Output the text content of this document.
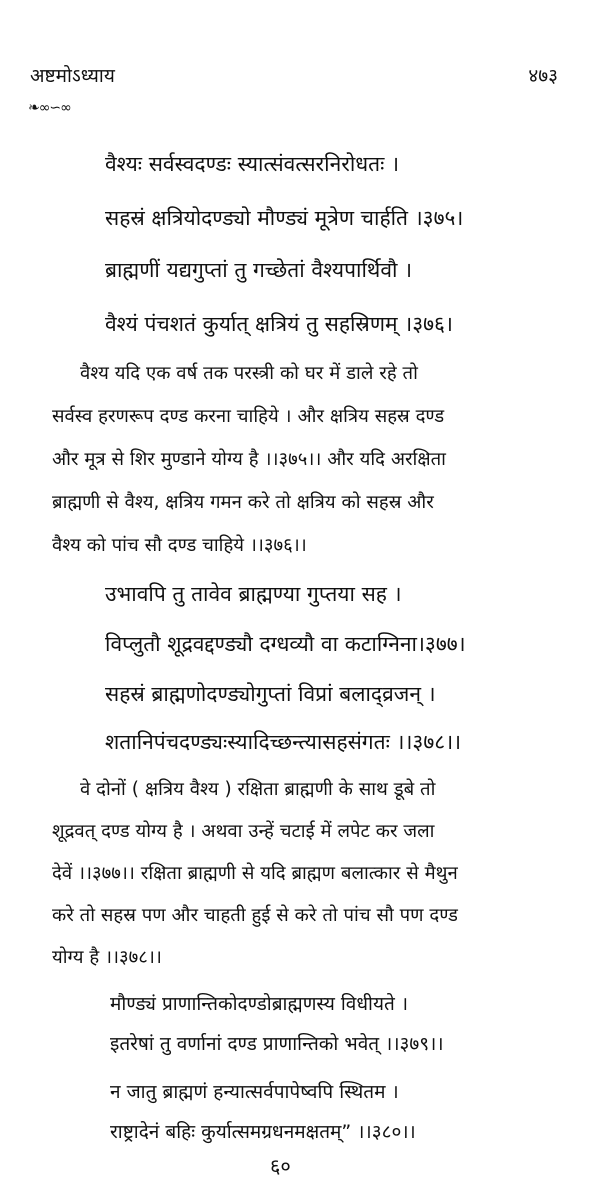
अष्टमोऽध्याय	४७३
❧∞∽∞
वैश्यः सर्वस्वदण्डः स्यात्संवत्सरनिरोधतः ।
सहस्रं क्षत्रियोदण्ड्यो मौण्ड्यं मूत्रेण चार्हति ।३७५।
ब्राह्मणीं यद्यगुप्तां तु गच्छेतां वैश्यपार्थिवौ ।
वैश्यं पंचशतं कुर्यात् क्षत्रियं तु सहस्रिणम् ।३७६।
वैश्य यदि एक वर्ष तक परस्त्री को घर में डाले रहे तो
सर्वस्व हरणरूप दण्ड करना चाहिये । और क्षत्रिय सहस्र दण्ड
और मूत्र से शिर मुण्डाने योग्य है ।।३७५।। और यदि अरक्षिता
ब्राह्मणी से वैश्य, क्षत्रिय गमन करे तो क्षत्रिय को सहस्र और
वैश्य को पांच सौ दण्ड चाहिये ।।३७६।।
उभावपि तु तावेव ब्राह्मण्या गुप्तया सह ।
विप्लुतौ शूद्रवद्दण्ड्यौ दग्धव्यौ वा कटाग्निना।३७७।
सहस्रं ब्राह्मणोदण्ड्योगुप्तां विप्रां बलाद्व्रजन् ।
शतानिपंचदण्ड्यःस्यादिच्छन्त्यासहसंगतः ।।३७८।।
वे दोनों ( क्षत्रिय वैश्य ) रक्षिता ब्राह्मणी के साथ डूबे तो
शूद्रवत् दण्ड योग्य है । अथवा उन्हें चटाई में लपेट कर जला
देवें ।।३७७।। रक्षिता ब्राह्मणी से यदि ब्राह्मण बलात्कार से मैथुन
करे तो सहस्र पण और चाहती हुई से करे तो पांच सौ पण दण्ड
योग्य है ।।३७८।।
मौण्ड्यं प्राणान्तिकोदण्डोब्राह्मणस्य विधीयते ।
इतरेषां तु वर्णानां दण्ड प्राणान्तिको भवेत् ।।३७९।।
न जातु ब्राह्मणं हन्यात्सर्वपापेष्वपि स्थितम ।
राष्ट्रादेनं बहिः कुर्यात्समग्रधनमक्षतम्” ।।३८०।।
६०
